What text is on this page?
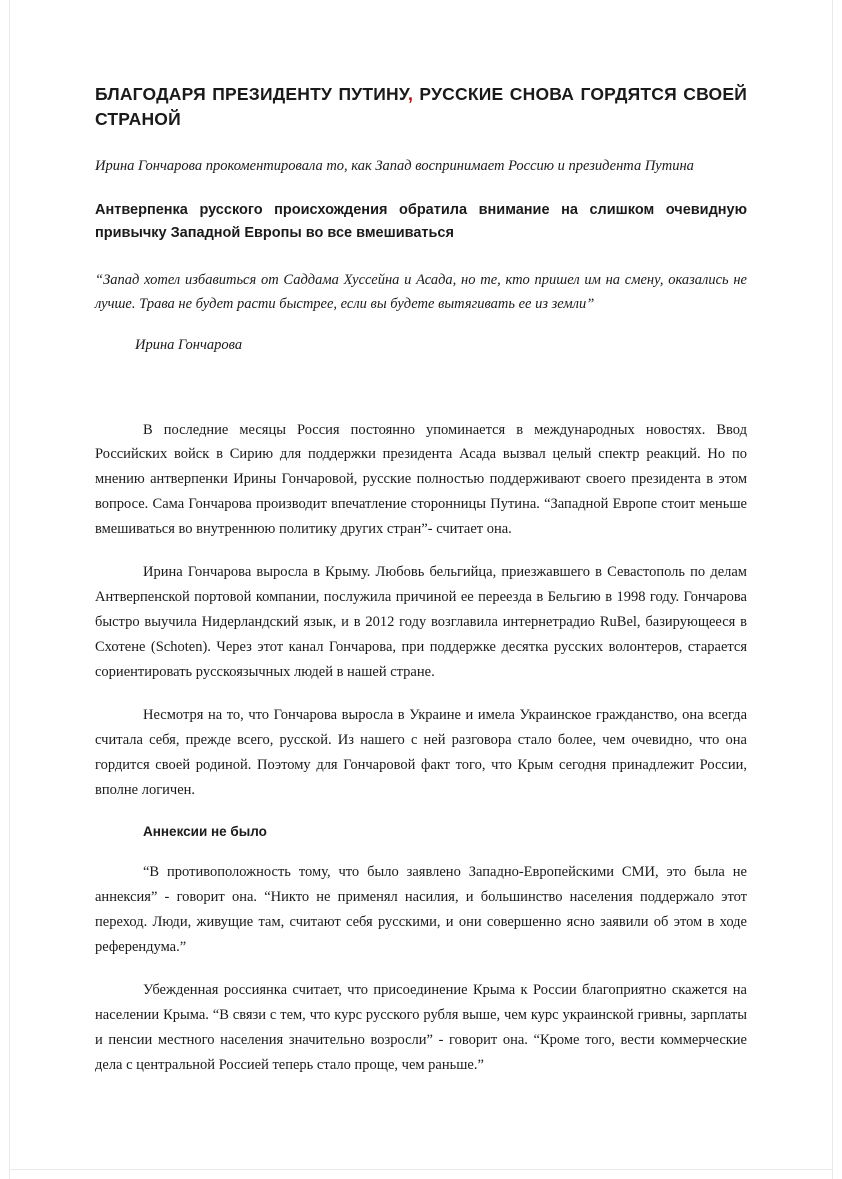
БЛАГОДАРЯ ПРЕЗИДЕНТУ ПУТИНУ, РУССКИЕ СНОВА ГОРДЯТСЯ СВОЕЙ СТРАНОЙ
Ирина Гончарова прокоментировала то, как Запад воспринимает Россию и президента Путина
Антверпенка русского происхождения обратила внимание на слишком очевидную привычку Западной Европы во все вмешиваться
“Запад хотел избавиться от Саддама Хуссейна и Асада, но те, кто пришел им на смену, оказались не лучше. Трава не будет расти быстрее, если вы будете вытягивать ее из земли”
Ирина Гончарова

В последние месяцы Россия постоянно упоминается в международных новостях. Ввод Российских войск в Сирию для поддержки президента Асада вызвал целый спектр реакций. Но по мнению антверпенки Ирины Гончаровой, русские полностью поддерживают своего президента в этом вопросе. Сама Гончарова производит впечатление сторонницы Путина. “Западной Европе стоит меньше вмешиваться во внутреннюю политику других стран”- считает она.

Ирина Гончарова выросла в Крыму. Любовь бельгийца, приезжавшего в Севастополь по делам Антверпенской портовой компании, послужила причиной ее переезда в Бельгию в 1998 году. Гончарова быстро выучила Нидерландский язык, и в 2012 году возглавила интернетрадио RuBel, базирующееся в Схотене (Schoten). Через этот канал Гончарова, при поддержке десятка русских волонтеров, старается сориентировать русскоязычных людей в нашей стране.

Несмотря на то, что Гончарова выросла в Украине и имела Украинское гражданство, она всегда считала себя, прежде всего, русской. Из нашего с ней разговора стало более, чем очевидно, что она гордится своей родиной. Поэтому для Гончаровой факт того, что Крым сегодня принадлежит России, вполне логичен.

Аннексии не было

“В противоположность тому, что было заявлено Западно-Европейскими СМИ, это была не аннексия” - говорит она. “Никто не применял насилия, и большинство населения поддержало этот переход. Люди, живущие там, считают себя русскими, и они совершенно ясно заявили об этом в ходе референдума.”

Убежденная россиянка считает, что присоединение Крыма к России благоприятно скажется на населении Крыма. “В связи с тем, что курс русского рубля выше, чем курс украинской гривны, зарплаты и пенсии местного населения значительно возросли” - говорит она. “Кроме того, вести коммерческие дела с центральной Россией теперь стало проще, чем раньше.”
